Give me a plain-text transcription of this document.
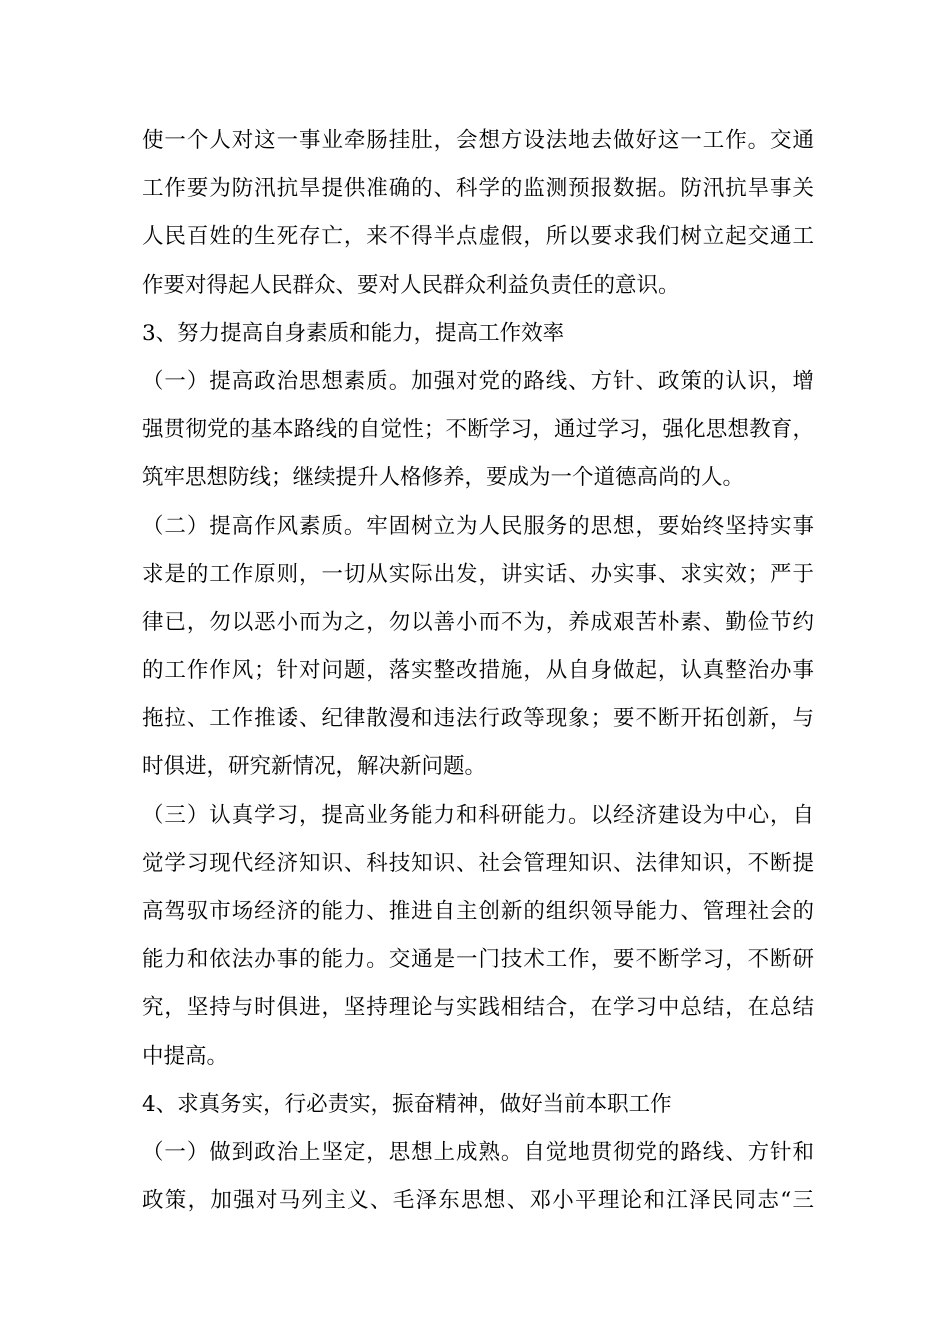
使一个人对这一事业牵肠挂肚，会想方设法地去做好这一工作。交通
工作要为防汛抗旱提供准确的、科学的监测预报数据。防汛抗旱事关
人民百姓的生死存亡，来不得半点虚假，所以要求我们树立起交通工
作要对得起人民群众、要对人民群众利益负责任的意识。
3、努力提高自身素质和能力，提高工作效率
（一）提高政治思想素质。加强对党的路线、方针、政策的认识，增
强贯彻党的基本路线的自觉性；不断学习，通过学习，强化思想教育，
筑牢思想防线；继续提升人格修养，要成为一个道德高尚的人。
（二）提高作风素质。牢固树立为人民服务的思想，要始终坚持实事
求是的工作原则，一切从实际出发，讲实话、办实事、求实效；严于
律已，勿以恶小而为之，勿以善小而不为，养成艰苦朴素、勤俭节约
的工作作风；针对问题，落实整改措施，从自身做起，认真整治办事
拖拉、工作推诿、纪律散漫和违法行政等现象；要不断开拓创新，与
时俱进，研究新情况，解决新问题。
（三）认真学习，提高业务能力和科研能力。以经济建设为中心，自
觉学习现代经济知识、科技知识、社会管理知识、法律知识，不断提
高驾驭市场经济的能力、推进自主创新的组织领导能力、管理社会的
能力和依法办事的能力。交通是一门技术工作，要不断学习，不断研
究，坚持与时俱进，坚持理论与实践相结合，在学习中总结，在总结
中提高。
4、求真务实，行必责实，振奋精神，做好当前本职工作
（一）做到政治上坚定，思想上成熟。自觉地贯彻党的路线、方针和
政策，加强对马列主义、毛泽东思想、邓小平理论和江泽民同志“三
